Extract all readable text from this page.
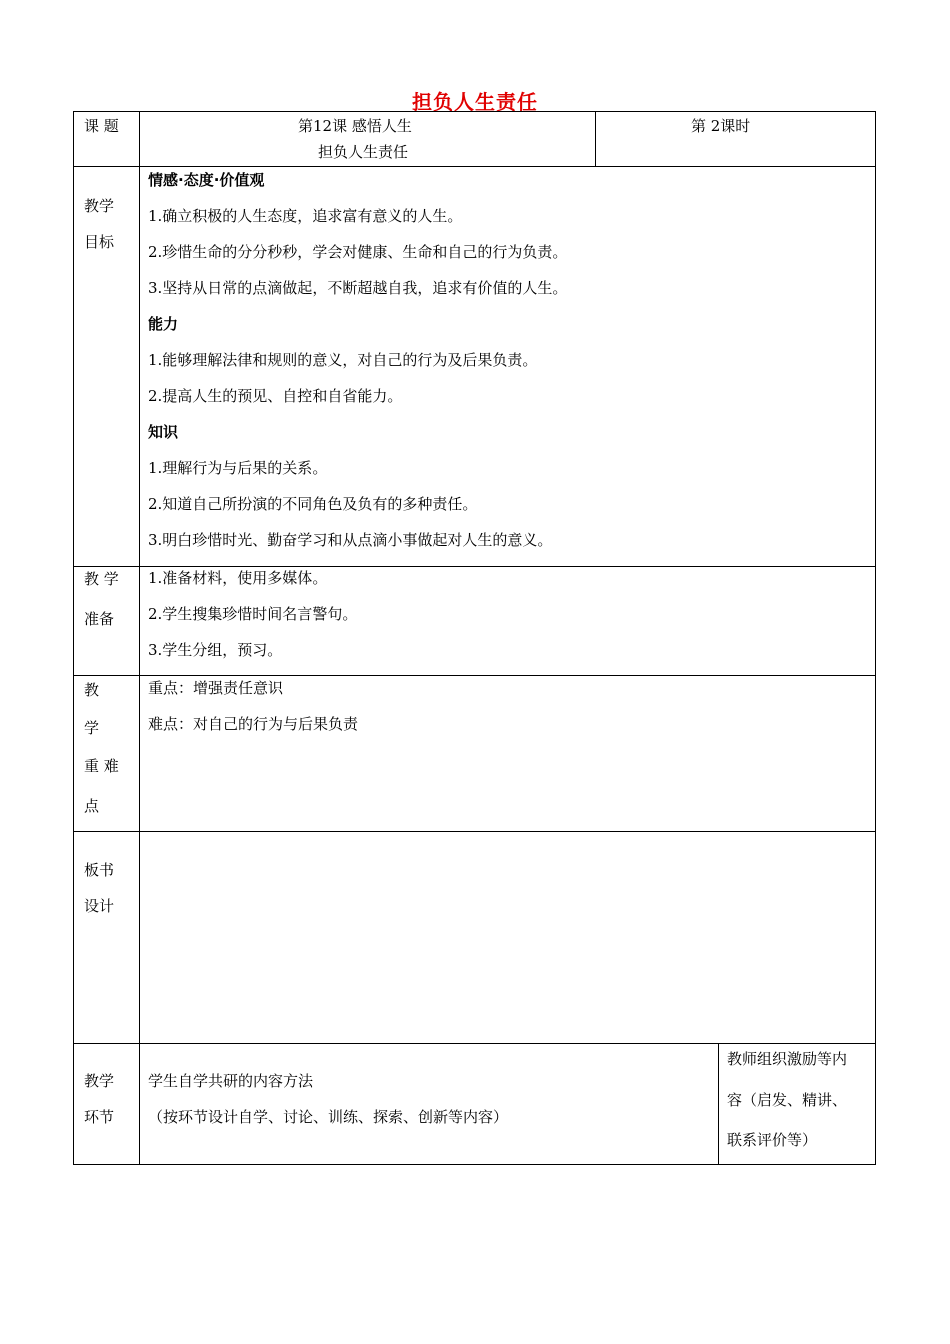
担负人生责任
课 题	第12课 感悟人生
担负人生责任
第 2课时
教学
目标
情感·态度·价值观
1.确立积极的人生态度，追求富有意义的人生。
2.珍惜生命的分分秒秒，学会对健康、生命和自己的行为负责。
3.坚持从日常的点滴做起，不断超越自我，追求有价值的人生。
能力
1.能够理解法律和规则的意义，对自己的行为及后果负责。
2.提高人生的预见、自控和自省能力。
知识
1.理解行为与后果的关系。
2.知道自己所扮演的不同角色及负有的多种责任。
3.明白珍惜时光、勤奋学习和从点滴小事做起对人生的意义。
教 学
准备
1.准备材料，使用多媒体。
2.学生搜集珍惜时间名言警句。
3.学生分组，预习。
教
学
重 难
点
重点：增强责任意识
难点：对自己的行为与后果负责
板书
设计
教学
环节
学生自学共研的内容方法
（按环节设计自学、讨论、训练、探索、创新等内容）
教师组织激励等内
容（启发、精讲、
联系评价等）
